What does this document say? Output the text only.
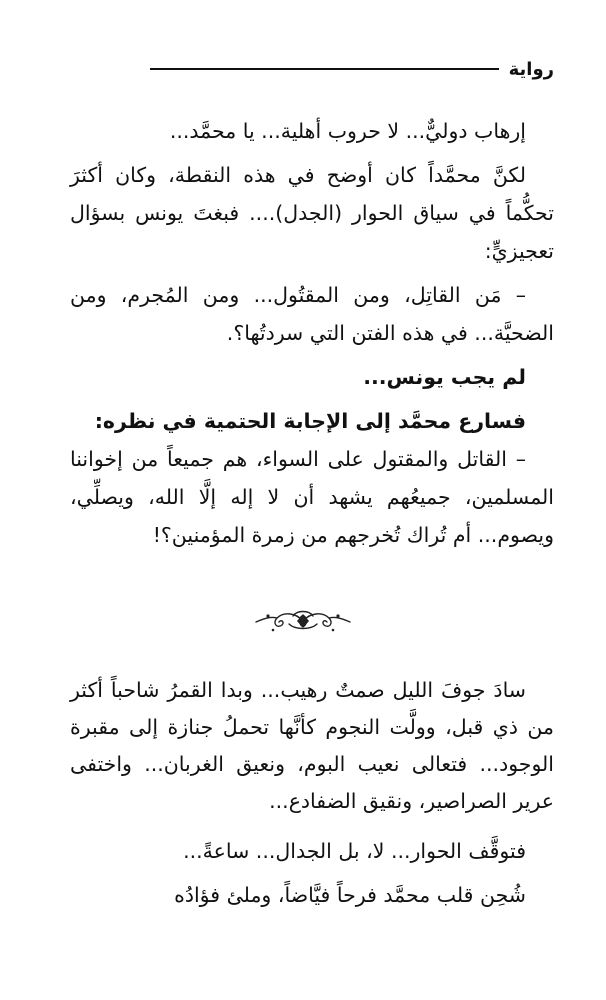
رواية

إرهاب دوليٌّ... لا حروب أهلية... يا محمَّد...

لكنَّ محمَّداً كان أوضح في هذه النقطة، وكان أكثرَ تحكُّماً في سياق الحوار (الجدل).... فبغتَ يونس بسؤال تعجيزيٍّ:

– مَن القاتِل، ومن المقتُول... ومن المُجرم، ومن الضحيَّة... في هذه الفتن التي سردتُها؟.

لم يجب يونس...

فسارع محمَّد إلى الإجابة الحتمية في نظره:

– القاتل والمقتول على السواء، هم جميعاً من إخواننا المسلمين، جميعُهم يشهد أن لا إله إلَّا الله، ويصلِّي، ويصوم... أم تُراك تُخرجهم من زمرة المؤمنين؟!

سادَ جوفَ الليل صمتٌ رهيب... وبدا القمرُ شاحباً أكثر من ذي قبل، وولَّت النجوم كأنَّها تحملُ جنازة إلى مقبرة الوجود... فتعالى نعيب البوم، ونعيق الغربان... واختفى عرير الصراصير، ونقيق الضفادع...

فتوقَّف الحوار... لا، بل الجدال... ساعةً...

شُحِن قلب محمَّد فرحاً فيَّاضاً، وملئ فؤادُه
